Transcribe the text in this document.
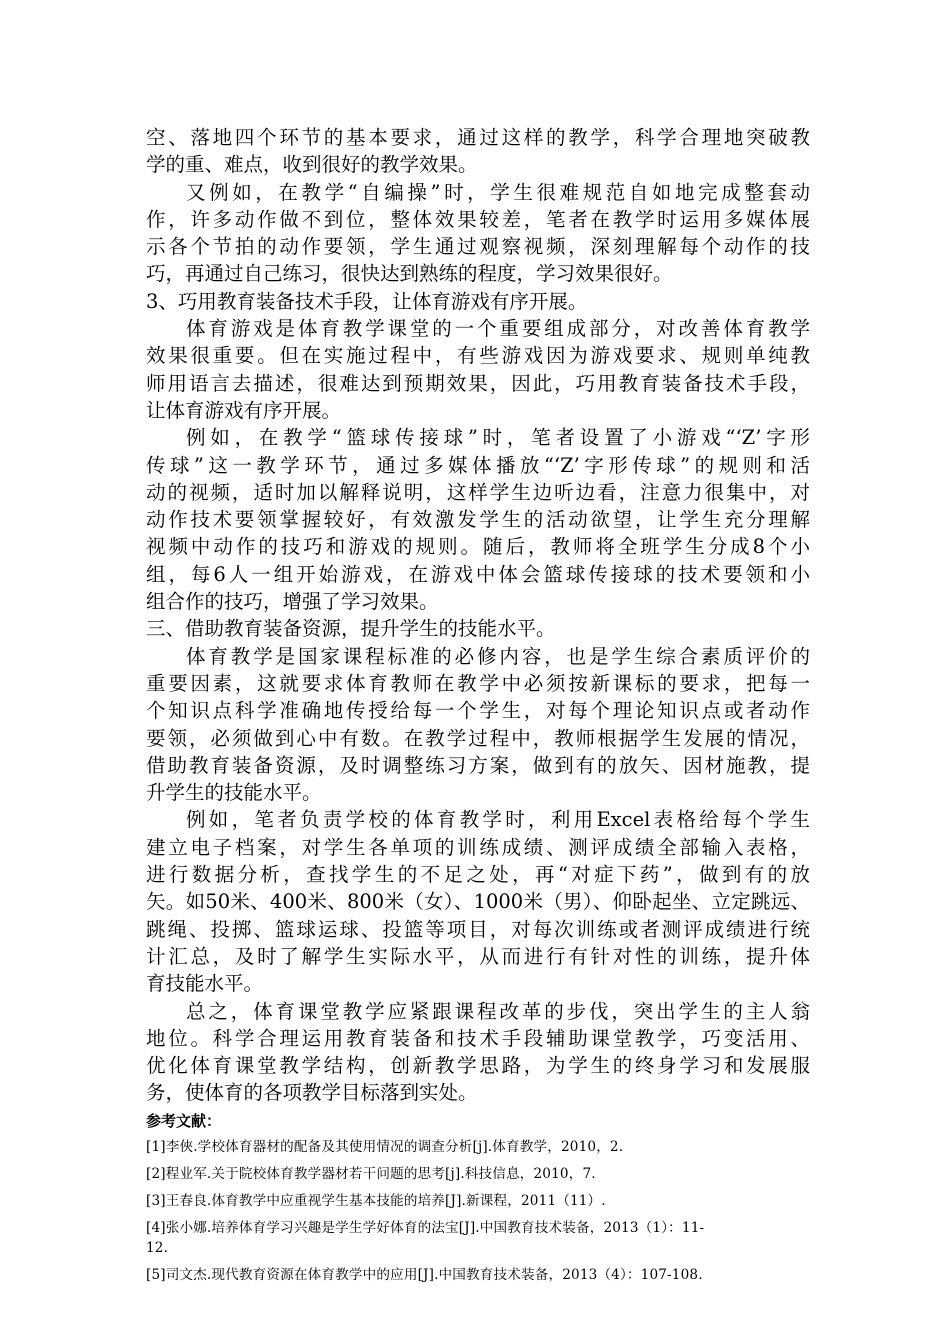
空、落地四个环节的基本要求，通过这样的教学，科学合理地突破教
学的重、难点，收到很好的教学效果。
又例如，在教学“自编操”时，学生很难规范自如地完成整套动
作，许多动作做不到位，整体效果较差，笔者在教学时运用多媒体展
示各个节拍的动作要领，学生通过观察视频，深刻理解每个动作的技
巧，再通过自己练习，很快达到熟练的程度，学习效果很好。
3、巧用教育装备技术手段，让体育游戏有序开展。
体育游戏是体育教学课堂的一个重要组成部分，对改善体育教学
效果很重要。但在实施过程中，有些游戏因为游戏要求、规则单纯教
师用语言去描述，很难达到预期效果，因此，巧用教育装备技术手段，
让体育游戏有序开展。
例如，在教学“篮球传接球”时，笔者设置了小游戏“‘Z’字形
传球”这一教学环节，通过多媒体播放“‘Z’字形传球”的规则和活
动的视频，适时加以解释说明，这样学生边听边看，注意力很集中，对
动作技术要领掌握较好，有效激发学生的活动欲望，让学生充分理解
视频中动作的技巧和游戏的规则。随后，教师将全班学生分成8个小
组，每6人一组开始游戏，在游戏中体会篮球传接球的技术要领和小
组合作的技巧，增强了学习效果。
三、借助教育装备资源，提升学生的技能水平。
体育教学是国家课程标准的必修内容，也是学生综合素质评价的
重要因素，这就要求体育教师在教学中必须按新课标的要求，把每一
个知识点科学准确地传授给每一个学生，对每个理论知识点或者动作
要领，必须做到心中有数。在教学过程中，教师根据学生发展的情况，
借助教育装备资源，及时调整练习方案，做到有的放矢、因材施教，提
升学生的技能水平。
例如，笔者负责学校的体育教学时，利用Excel表格给每个学生
建立电子档案，对学生各单项的训练成绩、测评成绩全部输入表格，
进行数据分析，查找学生的不足之处，再“对症下药”，做到有的放
矢。如50米、400米、800米（女）、1000米（男）、仰卧起坐、立定跳远、
跳绳、投掷、篮球运球、投篮等项目，对每次训练或者测评成绩进行统
计汇总，及时了解学生实际水平，从而进行有针对性的训练，提升体
育技能水平。
总之，体育课堂教学应紧跟课程改革的步伐，突出学生的主人翁
地位。科学合理运用教育装备和技术手段辅助课堂教学，巧变活用、
优化体育课堂教学结构，创新教学思路，为学生的终身学习和发展服
务，使体育的各项教学目标落到实处。
参考文献：
[1]李俠.学校体育器材的配备及其使用情况的调查分析[j].体育教学，2010，2.
[2]程业军.关于院校体育教学器材若干问题的思考[j].科技信息，2010，7.
[3]王春良.体育教学中应重视学生基本技能的培养[J].新课程，2011（11）.
[4]张小娜.培养体育学习兴趣是学生学好体育的法宝[J].中国教育技术装备，2013（1）：11-
12.
[5]司文杰.现代教育资源在体育教学中的应用[J].中国教育技术装备，2013（4）：107-108.
